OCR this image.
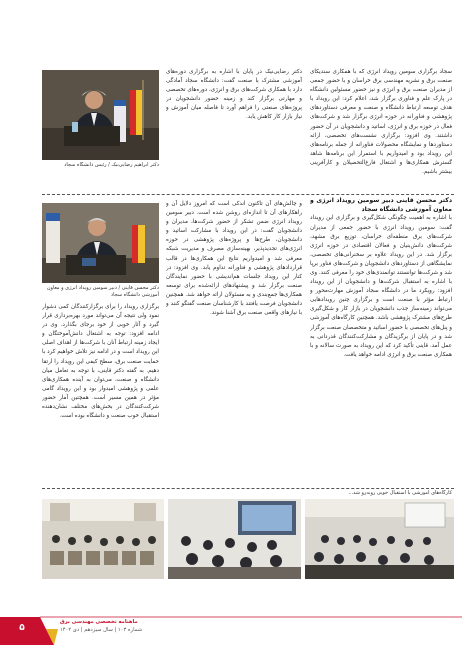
سجاد برگزاری سومین رویداد انرژی که با همکاری سندیکای صنعت برق و نشریه مهندسی برق خراسان و با حضور جمعی از مدیران صنعت برق و انرژی و نیز حضور مسئولین دانشگاه در پارک علم و فناوری برگزار شد، اعلام کرد: این رویداد با هدف توسعه ارتباط دانشگاه و صنعت و معرفی دستاوردهای پژوهشی و فناورانه در حوزه انرژی برگزار شد و شرکت‌های فعال در حوزه برق و انرژی، اساتید و دانشجویان در آن حضور داشتند. وی افزود: برگزاری نشست‌های تخصصی، ارائه دستاوردها و نمایشگاه محصولات فناورانه از جمله برنامه‌های این رویداد بود و امیدواریم با استمرار این برنامه‌ها شاهد گسترش همکاری‌ها و اشتغال فارغ‌التحصیلان و کارآفرینی بیشتر باشیم.
دکتر محسن قاینی دبیر سومین رویداد انرژی و معاون آموزشی دانشگاه سجاد
با اشاره به اهمیت چگونگی شکل‌گیری و برگزاری این رویداد گفت: سومین رویداد انرژی با حضور جمعی از مدیران شرکت‌های برق منطقه‌ای خراسان، توزیع برق مشهد، شرکت‌های دانش‌بنیان و فعالان اقتصادی در حوزه انرژی برگزار شد. در این رویداد علاوه بر سخنرانی‌های تخصصی، نمایشگاهی از دستاوردهای دانشجویان و شرکت‌های فناور برپا شد و شرکت‌ها توانستند توانمندی‌های خود را معرفی کنند. وی با اشاره به استقبال شرکت‌ها و دانشجویان از این رویداد افزود: رویکرد ما در دانشگاه سجاد آموزش مهارت‌محور و ارتباط مؤثر با صنعت است و برگزاری چنین رویدادهایی می‌تواند زمینه‌ساز جذب دانشجویان در بازار کار و شکل‌گیری طرح‌های مشترک پژوهشی باشد. همچنین کارگاه‌های آموزشی و پنل‌های تخصصی با حضور اساتید و متخصصان صنعت برگزار شد و در پایان از برگزیدگان و مشارکت‌کنندگان قدردانی به عمل آمد. قاینی تأکید کرد که این رویداد به صورت سالانه و با همکاری صنعت برق و انرژی ادامه خواهد یافت.
دکتر رضایی‌نیک در پایان با اشاره به برگزاری دوره‌های آموزشی مشترک با صنعت گفت: دانشگاه سجاد آمادگی دارد با همکاری شرکت‌های برق و انرژی، دوره‌های تخصصی و مهارتی برگزار کند و زمینه حضور دانشجویان در پروژه‌های صنعتی را فراهم آورد تا فاصله میان آموزش و نیاز بازار کار کاهش یابد.
و چالش‌های آن تاکنون اندکی است که امروز دلایل آن و راهکارهای آن تا اندازه‌ای روشن شده است. دبیر سومین رویداد انرژی ضمن تشکر از حضور شرکت‌ها، مدیران و دانشجویان گفت: در این رویداد با مشارکت اساتید و دانشجویان، طرح‌ها و پروژه‌های پژوهشی در حوزه انرژی‌های تجدیدپذیر، بهینه‌سازی مصرف و مدیریت شبکه معرفی شد و امیدواریم نتایج این همکاری‌ها در قالب قراردادهای پژوهشی و فناورانه تداوم یابد. وی افزود: در کنار این رویداد جلسات هم‌اندیشی با حضور نمایندگان صنعت برگزار شد و پیشنهادهای ارائه‌شده برای توسعه همکاری‌ها جمع‌بندی و به مسئولان ارائه خواهد شد. همچنین دانشجویان فرصت یافتند با کارشناسان صنعت گفتگو کنند و با نیازهای واقعی صنعت برق آشنا شوند.
دکتر ابراهیم رضایی‌نیک / رئیس دانشگاه سجاد
دکتر محسن قاینی / دبیر سومین رویداد انرژی و معاون آموزشی دانشگاه سجاد
برگزاری رویداد را برای برگزارکنندگان کمی دشوار نمود ولی نتیجه آن می‌تواند مورد بهره‌برداری قرار گیرد و آثار خوبی از خود برجای بگذارد. وی در ادامه افزود: توجه به اشتغال دانش‌آموختگان و ایجاد زمینه ارتباط آنان با شرکت‌ها از اهداف اصلی این رویداد است و در ادامه نیز تلاش خواهیم کرد با حمایت صنعت برق، سطح کیفی این رویداد را ارتقا دهیم. به گفته دکتر قاینی، با توجه به تعامل میان دانشگاه و صنعت، می‌توان به آینده همکاری‌های علمی و پژوهشی امیدوار بود و این رویداد گامی مؤثر در همین مسیر است. همچنین آمار حضور شرکت‌کنندگان در بخش‌های مختلف نشان‌دهنده استقبال خوب صنعت و دانشگاه بوده است.
کارگاه‌های آموزشی با استقبال خوبی روبه‌رو شد...
۵
ماهنامه تخصصی مهندسی برق
شماره ۱۰۳ | سال سیزدهم | دی ۱۴۰۲
